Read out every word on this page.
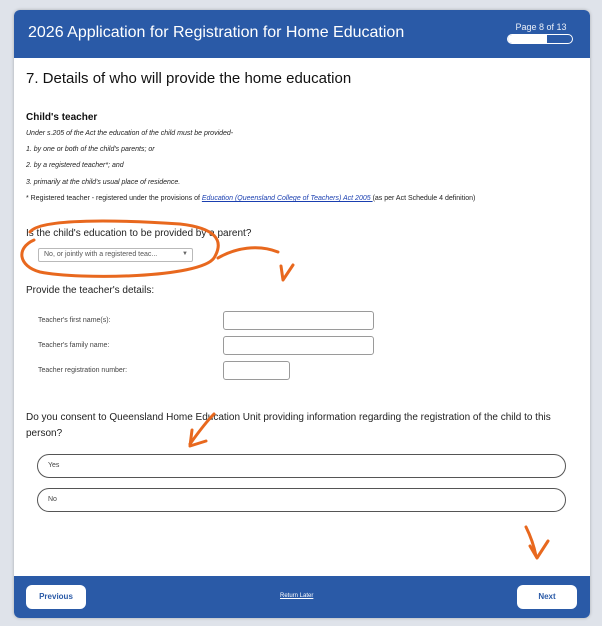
2026 Application for Registration for Home Education	Page 8 of 13
7. Details of who will provide the home education
Child's teacher
Under s.205 of the Act the education of the child must be provided-
1. by one or both of the child's parents; or
2. by a registered teacher*; and
3. primarily at the child's usual place of residence.
* Registered teacher - registered under the provisions of Education (Queensland College of Teachers) Act 2005 (as per Act Schedule 4 definition)
Is the child's education to be provided by a parent?
No, or jointly with a registered teac...	▼
Provide the teacher's details:
Teacher's first name(s):
Teacher's family name:
Teacher registration number:
Do you consent to Queensland Home Education Unit providing information regarding the registration of the child to this person?
Yes
No
Previous	Return Later	Next
